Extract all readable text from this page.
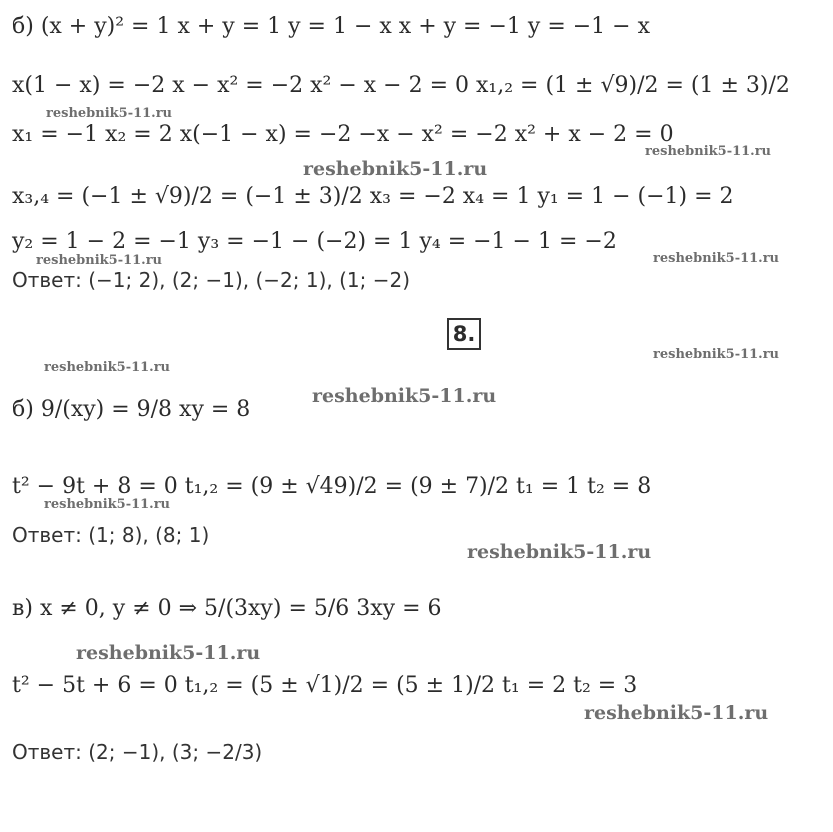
б) (x + y)² = 1 x + y = 1 y = 1 − x x + y = −1 y = −1 − x
x(1 − x) = −2 x − x² = −2 x² − x − 2 = 0 x₁,₂ = (1 ± √9)/2 = (1 ± 3)/2
x₁ = −1 x₂ = 2 x(−1 − x) = −2 −x − x² = −2 x² + x − 2 = 0
x₃,₄ = (−1 ± √9)/2 = (−1 ± 3)/2 x₃ = −2 x₄ = 1 y₁ = 1 − (−1) = 2
y₂ = 1 − 2 = −1 y₃ = −1 − (−2) = 1 y₄ = −1 − 1 = −2
Ответ: (−1; 2), (2; −1), (−2; 1), (1; −2)
8.
б) 9/(xy) = 9/8 xy = 8
t² − 9t + 8 = 0 t₁,₂ = (9 ± √49)/2 = (9 ± 7)/2 t₁ = 1 t₂ = 8
Ответ: (1; 8), (8; 1)
в) x ≠ 0, y ≠ 0 ⇒ 5/(3xy) = 5/6 3xy = 6
t² − 5t + 6 = 0 t₁,₂ = (5 ± √1)/2 = (5 ± 1)/2 t₁ = 2 t₂ = 3
Ответ: (2; −1), (3; −2/3)
reshebnik5-11.ru
reshebnik5-11.ru
reshebnik5-11.ru
reshebnik5-11.ru	reshebnik5-11.ru
reshebnik5-11.ru
reshebnik5-11.ru
reshebnik5-11.ru
reshebnik5-11.ru
reshebnik5-11.ru
reshebnik5-11.ru
reshebnik5-11.ru
